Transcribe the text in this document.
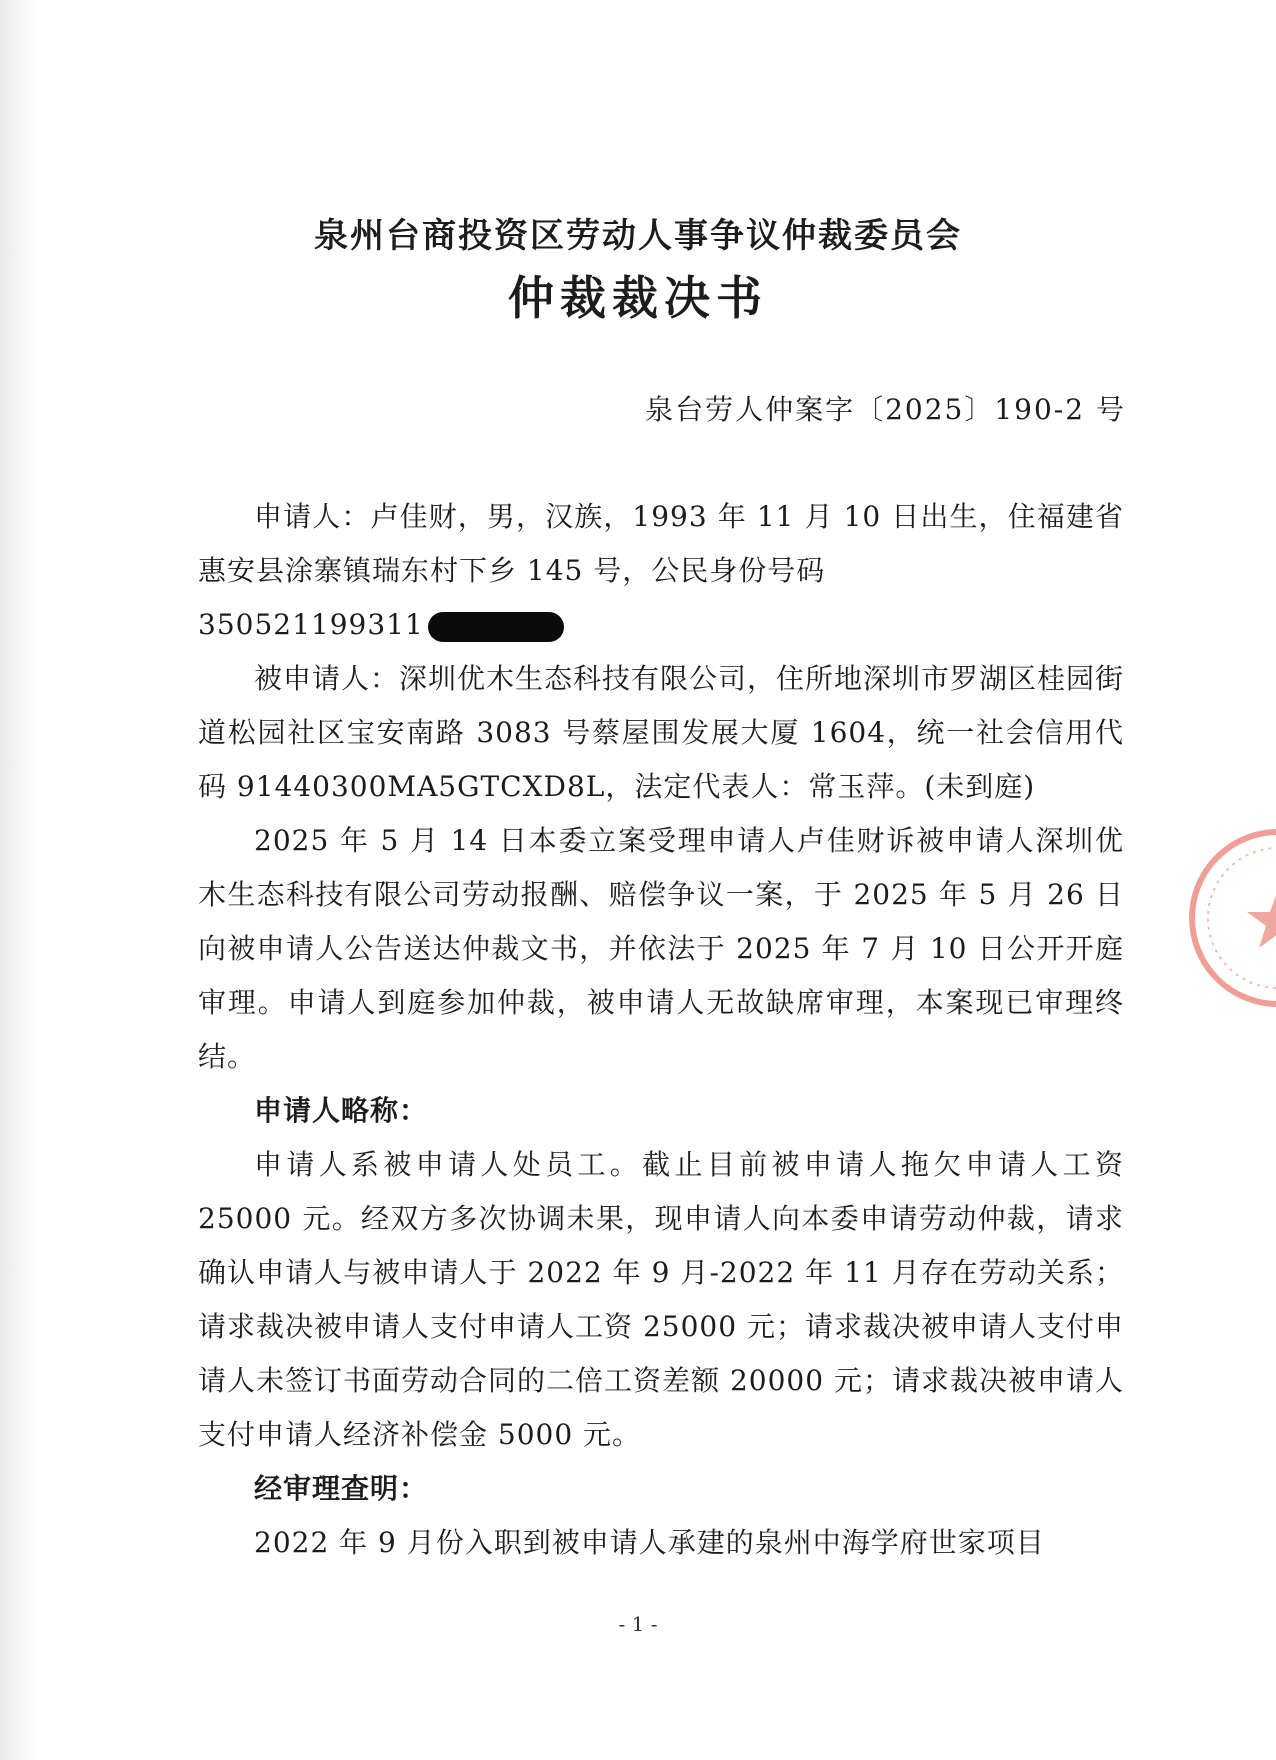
泉州台商投资区劳动人事争议仲裁委员会
仲裁裁决书
泉台劳人仲案字〔2025〕190-2 号

申请人：卢佳财，男，汉族，1993 年 11 月 10 日出生，住福建省惠安县涂寨镇瑞东村下乡 145 号，公民身份号码

350521199311

被申请人：深圳优木生态科技有限公司，住所地深圳市罗湖区桂园街道松园社区宝安南路 3083 号蔡屋围发展大厦 1604，统一社会信用代码 91440300MA5GTCXD8L，法定代表人：常玉萍。(未到庭)

2025 年 5 月 14 日本委立案受理申请人卢佳财诉被申请人深圳优木生态科技有限公司劳动报酬、赔偿争议一案，于 2025 年 5 月 26 日向被申请人公告送达仲裁文书，并依法于 2025 年 7 月 10 日公开开庭审理。申请人到庭参加仲裁，被申请人无故缺席审理，本案现已审理终结。

申请人略称：

申请人系被申请人处员工。截止目前被申请人拖欠申请人工资 25000 元。经双方多次协调未果，现申请人向本委申请劳动仲裁，请求确认申请人与被申请人于 2022 年 9 月-2022 年 11 月存在劳动关系；请求裁决被申请人支付申请人工资 25000 元；请求裁决被申请人支付申请人未签订书面劳动合同的二倍工资差额 20000 元；请求裁决被申请人支付申请人经济补偿金 5000 元。

经审理查明：

2022 年 9 月份入职到被申请人承建的泉州中海学府世家项目

- 1 -
